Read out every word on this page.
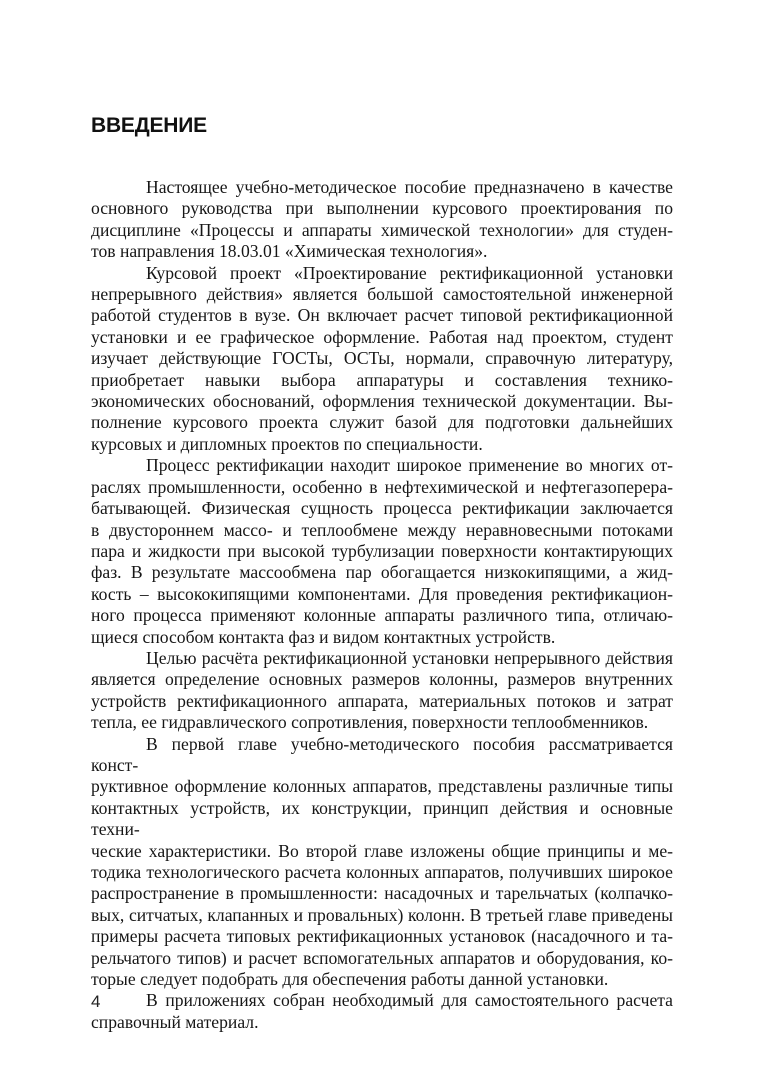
ВВЕДЕНИЕ
Настоящее учебно-методическое пособие предназначено в качестве
основного руководства при выполнении курсового проектирования по
дисциплине «Процессы и аппараты химической технологии» для студен-
тов направления 18.03.01 «Химическая технология».
Курсовой проект «Проектирование ректификационной установки
непрерывного действия» является большой самостоятельной инженерной
работой студентов в вузе. Он включает расчет типовой ректификационной
установки и ее графическое оформление. Работая над проектом, студент
изучает действующие ГОСТы, ОСТы, нормали, справочную литературу,
приобретает навыки выбора аппаратуры и составления технико-
экономических обоснований, оформления технической документации. Вы-
полнение курсового проекта служит базой для подготовки дальнейших
курсовых и дипломных проектов по специальности.
Процесс ректификации находит широкое применение во многих от-
раслях промышленности, особенно в нефтехимической и нефтегазоперера-
батывающей. Физическая сущность процесса ректификации заключается
в двустороннем массо- и теплообмене между неравновесными потоками
пара и жидкости при высокой турбулизации поверхности контактирующих
фаз. В результате массообмена пар обогащается низкокипящими, а жид-
кость – высококипящими компонентами. Для проведения ректификацион-
ного процесса применяют колонные аппараты различного типа, отличаю-
щиеся способом контакта фаз и видом контактных устройств.
Целью расчёта ректификационной установки непрерывного действия
является определение основных размеров колонны, размеров внутренних
устройств ректификационного аппарата, материальных потоков и затрат
тепла, ее гидравлического сопротивления, поверхности теплообменников.
В первой главе учебно-методического пособия рассматривается конст-
руктивное оформление колонных аппаратов, представлены различные типы
контактных устройств, их конструкции, принцип действия и основные техни-
ческие характеристики. Во второй главе изложены общие принципы и ме-
тодика технологического расчета колонных аппаратов, получивших широкое
распространение в промышленности: насадочных и тарельчатых (колпачко-
вых, ситчатых, клапанных и провальных) колонн. В третьей главе приведены
примеры расчета типовых ректификационных установок (насадочного и та-
рельчатого типов) и расчет вспомогательных аппаратов и оборудования, ко-
торые следует подобрать для обеспечения работы данной установки.
В приложениях собран необходимый для самостоятельного расчета
справочный материал.
4
